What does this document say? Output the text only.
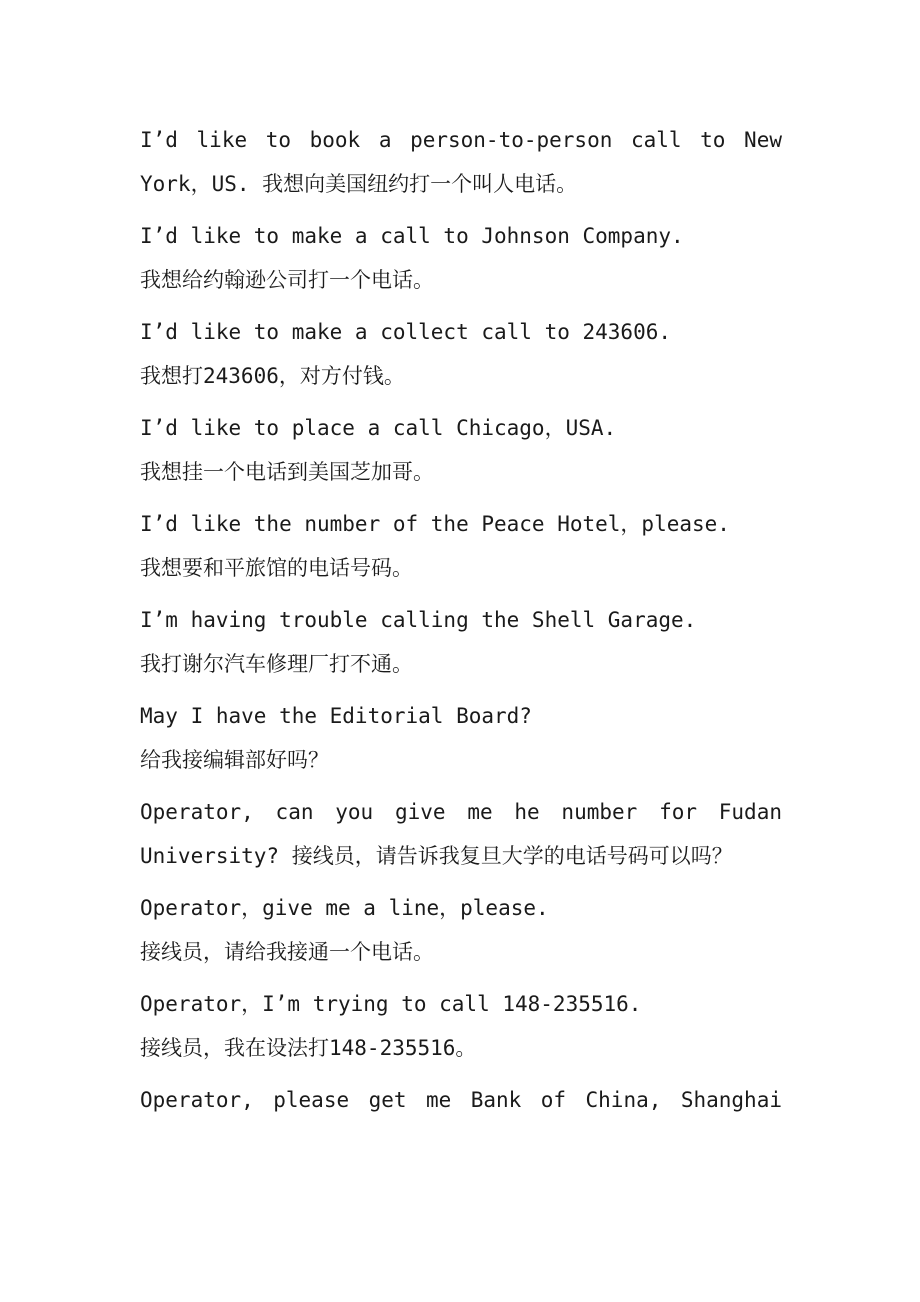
I’d like to book a person-to-person call to New York，US. 我想向美国纽约打一个叫人电话。

I’d like to make a call to Johnson Company.
我想给约翰逊公司打一个电话。

I’d like to make a collect call to 243606.
我想打243606，对方付钱。

I’d like to place a call Chicago，USA.
我想挂一个电话到美国芝加哥。

I’d like the number of the Peace Hotel，please.
我想要和平旅馆的电话号码。

I’m having trouble calling the Shell Garage.
我打谢尔汽车修理厂打不通。

May I have the Editorial Board?
给我接编辑部好吗？

Operator, can you give me he number for Fudan University? 接线员，请告诉我复旦大学的电话号码可以吗？

Operator，give me a line，please.
接线员，请给我接通一个电话。

Operator，I’m trying to call 148-235516.
接线员，我在设法打148-235516。

Operator, please get me Bank of China, Shanghai
